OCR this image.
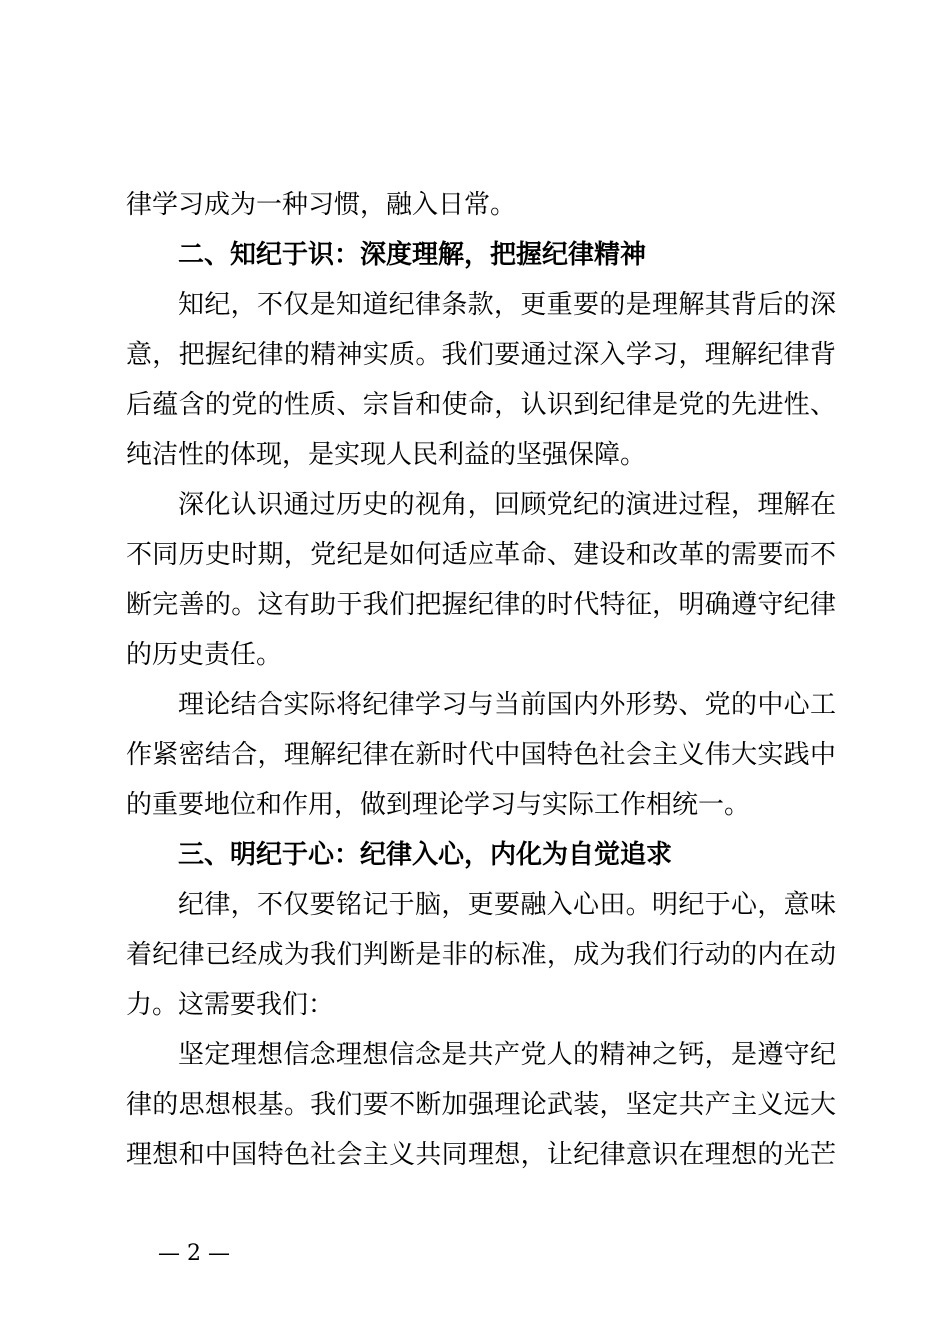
律学习成为一种习惯，融入日常。
二、知纪于识：深度理解，把握纪律精神
知纪，不仅是知道纪律条款，更重要的是理解其背后的深
意，把握纪律的精神实质。我们要通过深入学习，理解纪律背
后蕴含的党的性质、宗旨和使命，认识到纪律是党的先进性、
纯洁性的体现，是实现人民利益的坚强保障。
深化认识通过历史的视角，回顾党纪的演进过程，理解在
不同历史时期，党纪是如何适应革命、建设和改革的需要而不
断完善的。这有助于我们把握纪律的时代特征，明确遵守纪律
的历史责任。
理论结合实际将纪律学习与当前国内外形势、党的中心工
作紧密结合，理解纪律在新时代中国特色社会主义伟大实践中
的重要地位和作用，做到理论学习与实际工作相统一。
三、明纪于心：纪律入心，内化为自觉追求
纪律，不仅要铭记于脑，更要融入心田。明纪于心，意味
着纪律已经成为我们判断是非的标准，成为我们行动的内在动
力。这需要我们：
坚定理想信念理想信念是共产党人的精神之钙，是遵守纪
律的思想根基。我们要不断加强理论武装，坚定共产主义远大
理想和中国特色社会主义共同理想，让纪律意识在理想的光芒
— 2 —
